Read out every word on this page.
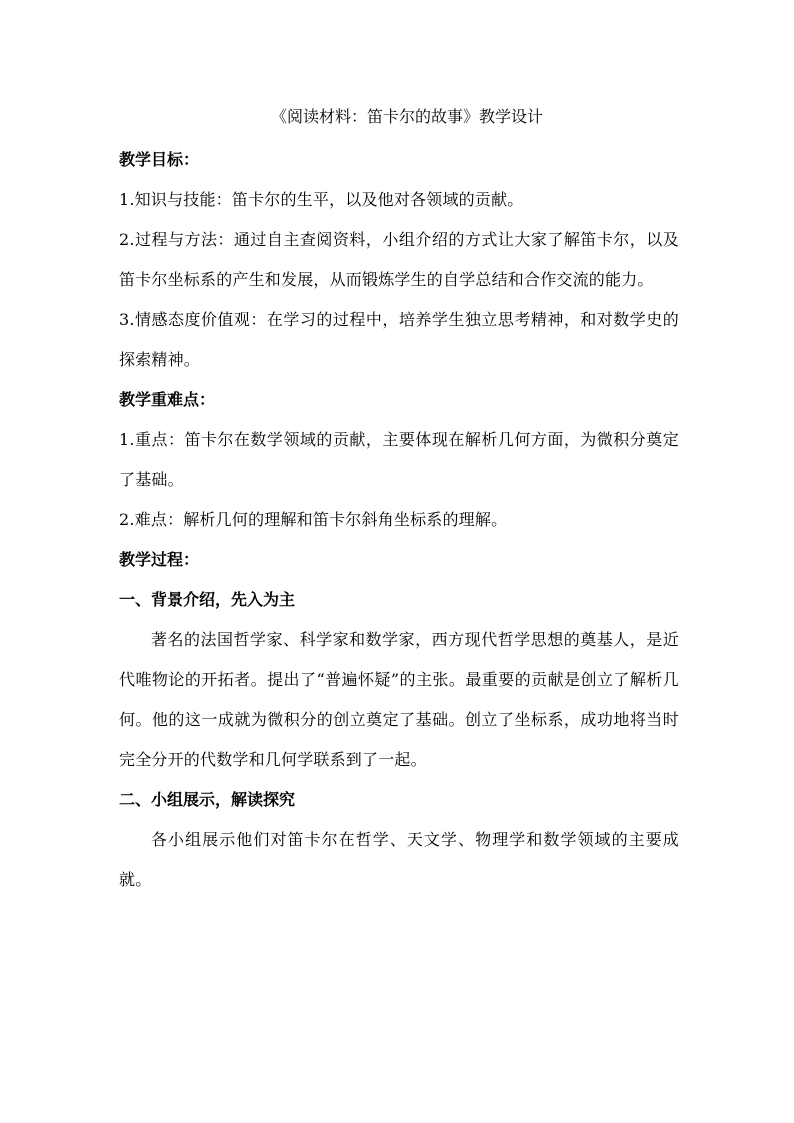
《阅读材料：笛卡尔的故事》教学设计

教学目标：

1.知识与技能：笛卡尔的生平，以及他对各领域的贡献。

2.过程与方法：通过自主查阅资料，小组介绍的方式让大家了解笛卡尔，以及笛卡尔坐标系的产生和发展，从而锻炼学生的自学总结和合作交流的能力。

3.情感态度价值观：在学习的过程中，培养学生独立思考精神，和对数学史的探索精神。

教学重难点：

1.重点：笛卡尔在数学领域的贡献，主要体现在解析几何方面，为微积分奠定了基础。

2.难点：解析几何的理解和笛卡尔斜角坐标系的理解。

教学过程：

一、背景介绍，先入为主

著名的法国哲学家、科学家和数学家，西方现代哲学思想的奠基人，是近代唯物论的开拓者。提出了“普遍怀疑”的主张。最重要的贡献是创立了解析几何。他的这一成就为微积分的创立奠定了基础。创立了坐标系，成功地将当时完全分开的代数学和几何学联系到了一起。

二、小组展示，解读探究

各小组展示他们对笛卡尔在哲学、天文学、物理学和数学领域的主要成就。
